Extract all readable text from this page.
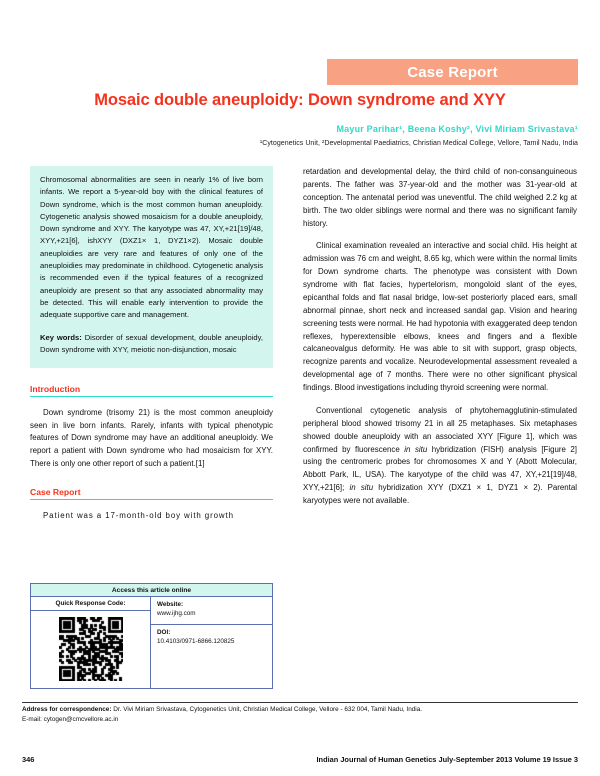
Case Report
Mosaic double aneuploidy: Down syndrome and XYY
Mayur Parihar¹, Beena Koshy², Vivi Miriam Srivastava¹
¹Cytogenetics Unit, ²Developmental Paediatrics, Christian Medical College, Vellore, Tamil Nadu, India
Chromosomal abnormalities are seen in nearly 1% of live born infants. We report a 5-year-old boy with the clinical features of Down syndrome, which is the most common human aneuploidy. Cytogenetic analysis showed mosaicism for a double aneuploidy, Down syndrome and XYY. The karyotype was 47, XY,+21[19]/48, XYY,+21[6], ishXYY (DXZ1× 1, DYZ1×2). Mosaic double aneuploidies are very rare and features of only one of the aneuploidies may predominate in childhood. Cytogenetic analysis is recommended even if the typical features of a recognized aneuploidy are present so that any associated abnormality may be detected. This will enable early intervention to provide the adequate supportive care and management.
Key words: Disorder of sexual development, double aneuploidy, Down syndrome with XYY, meiotic non-disjunction, mosaic
Introduction
Down syndrome (trisomy 21) is the most common aneuploidy seen in live born infants. Rarely, infants with typical phenotypic features of Down syndrome may have an additional aneuploidy. We report a patient with Down syndrome who had mosaicism for XYY. There is only one other report of such a patient.[1]
Case Report
Patient was a 17-month-old boy with growth
retardation and developmental delay, the third child of non-consanguineous parents. The father was 37-year-old and the mother was 31-year-old at conception. The antenatal period was uneventful. The child weighed 2.2 kg at birth. The two older siblings were normal and there was no significant family history.
Clinical examination revealed an interactive and social child. His height at admission was 76 cm and weight, 8.65 kg, which were within the normal limits for Down syndrome charts. The phenotype was consistent with Down syndrome with flat facies, hypertelorism, mongoloid slant of the eyes, epicanthal folds and flat nasal bridge, low-set posteriorly placed ears, small abnormal pinnae, short neck and increased sandal gap. Vision and hearing screening tests were normal. He had hypotonia with exaggerated deep tendon reflexes, hyperextensible elbows, knees and fingers and a flexible calcaneovalgus deformity. He was able to sit with support, grasp objects, recognize parents and vocalize. Neurodevelopmental assessment revealed a developmental age of 7 months. There were no other significant physical findings. Blood investigations including thyroid screening were normal.
Conventional cytogenetic analysis of phytohemagglutinin-stimulated peripheral blood showed trisomy 21 in all 25 metaphases. Six metaphases showed double aneuploidy with an associated XYY [Figure 1], which was confirmed by fluorescence in situ hybridization (FISH) analysis [Figure 2] using the centromeric probes for chromosomes X and Y (Abott Molecular, Abbott Park, IL, USA). The karyotype of the child was 47, XY,+21[19]/48, XYY,+21[6]; in situ hybridization XYY (DXZ1 × 1, DYZ1 × 2). Parental karyotypes were not available.
Access this article online
Quick Response Code:	Website:
www.ijhg.com
DOI:
10.4103/0971-6866.120825
Address for correspondence: Dr. Vivi Miriam Srivastava, Cytogenetics Unit, Christian Medical College, Vellore - 632 004, Tamil Nadu, India.
E-mail: cytogen@cmcvellore.ac.in
346	Indian Journal of Human Genetics July-September 2013 Volume 19 Issue 3
